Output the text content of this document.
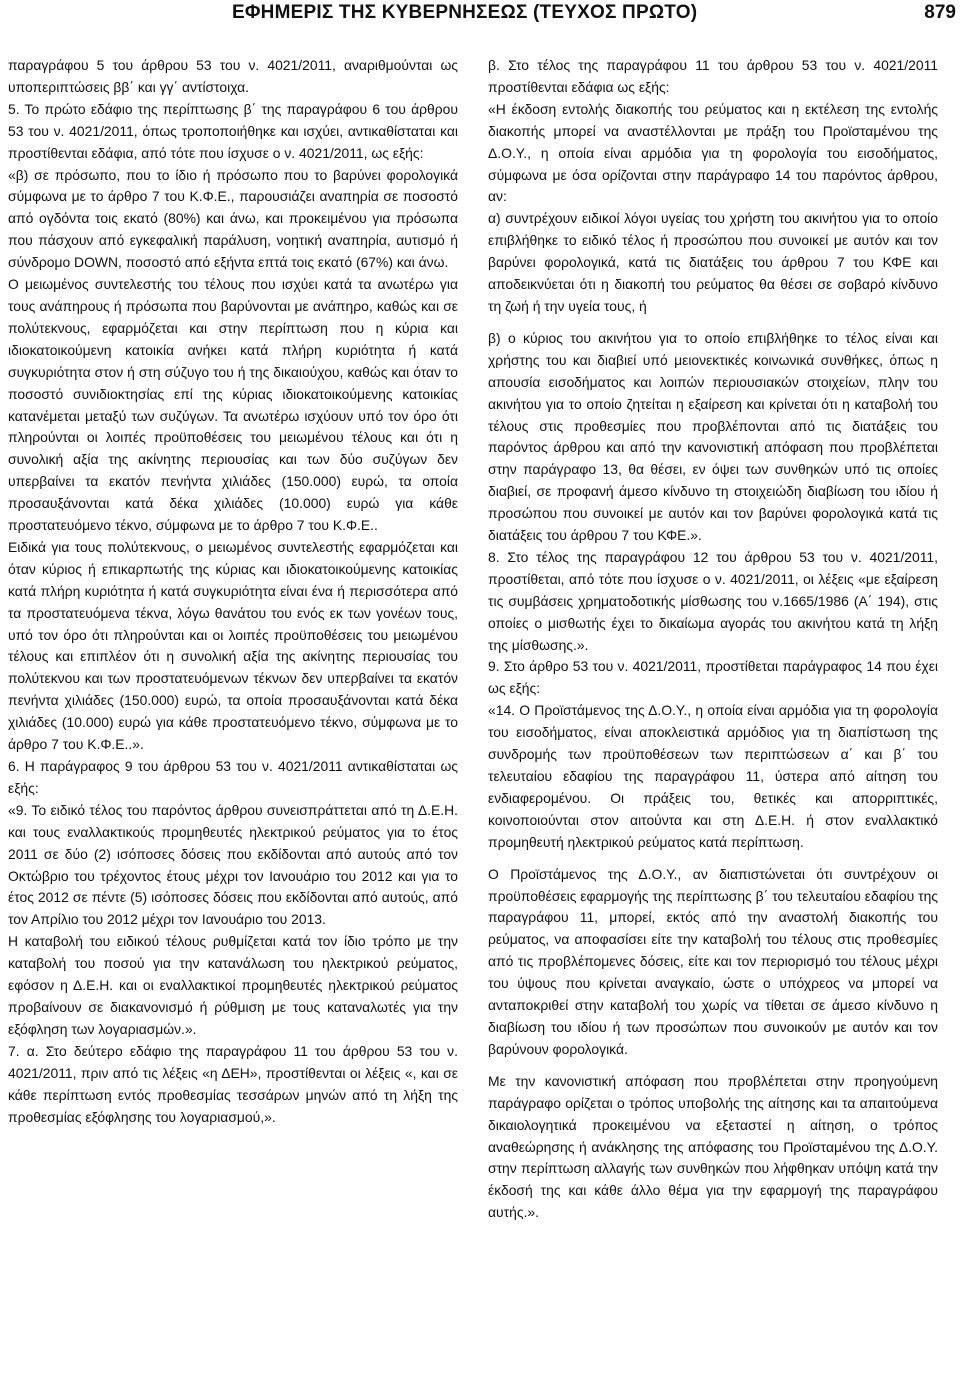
ΕΦΗΜΕΡΙΣ ΤΗΣ ΚΥΒΕΡΝΗΣΕΩΣ (ΤΕΥΧΟΣ ΠΡΩΤΟ)	879

παραγράφου 5 του άρθρου 53 του ν. 4021/2011, αναριθμούνται ως υποπεριπτώσεις ββ΄ και γγ΄ αντίστοιχα.

5. Το πρώτο εδάφιο της περίπτωσης β΄ της παραγράφου 6 του άρθρου 53 του ν. 4021/2011, όπως τροποποιήθηκε και ισχύει, αντικαθίσταται και προστίθενται εδάφια, από τότε που ίσχυσε ο ν. 4021/2011, ως εξής:

«β) σε πρόσωπο, που το ίδιο ή πρόσωπο που το βαρύνει φορολογικά σύμφωνα με το άρθρο 7 του Κ.Φ.Ε., παρουσιάζει αναπηρία σε ποσοστό από ογδόντα τοις εκατό (80%) και άνω, και προκειμένου για πρόσωπα που πάσχουν από εγκεφαλική παράλυση, νοητική αναπηρία, αυτισμό ή σύνδρομο DOWN, ποσοστό από εξήντα επτά τοις εκατό (67%) και άνω.

Ο μειωμένος συντελεστής του τέλους που ισχύει κατά τα ανωτέρω για τους ανάπηρους ή πρόσωπα που βαρύνονται με ανάπηρο, καθώς και σε πολύτεκνους, εφαρμόζεται και στην περίπτωση που η κύρια και ιδιοκατοικούμενη κατοικία ανήκει κατά πλήρη κυριότητα ή κατά συγκυριότητα στον ή στη σύζυγο του ή της δικαιούχου, καθώς και όταν το ποσοστό συνιδιοκτησίας επί της κύριας ιδιοκατοικούμενης κατοικίας κατανέμεται μεταξύ των συζύγων. Τα ανωτέρω ισχύουν υπό τον όρο ότι πληρούνται οι λοιπές προϋποθέσεις του μειωμένου τέλους και ότι η συνολική αξία της ακίνητης περιουσίας και των δύο συζύγων δεν υπερβαίνει τα εκατόν πενήντα χιλιάδες (150.000) ευρώ, τα οποία προσαυξάνονται κατά δέκα χιλιάδες (10.000) ευρώ για κάθε προστατευόμενο τέκνο, σύμφωνα με το άρθρο 7 του Κ.Φ.Ε..

Ειδικά για τους πολύτεκνους, ο μειωμένος συντελεστής εφαρμόζεται και όταν κύριος ή επικαρπωτής της κύριας και ιδιοκατοικούμενης κατοικίας κατά πλήρη κυριότητα ή κατά συγκυριότητα είναι ένα ή περισσότερα από τα προστατευόμενα τέκνα, λόγω θανάτου του ενός εκ των γονέων τους, υπό τον όρο ότι πληρούνται και οι λοιπές προϋποθέσεις του μειωμένου τέλους και επιπλέον ότι η συνολική αξία της ακίνητης περιουσίας του πολύτεκνου και των προστατευόμενων τέκνων δεν υπερβαίνει τα εκατόν πενήντα χιλιάδες (150.000) ευρώ, τα οποία προσαυξάνονται κατά δέκα χιλιάδες (10.000) ευρώ για κάθε προστατευόμενο τέκνο, σύμφωνα με το άρθρο 7 του Κ.Φ.Ε..».

6. Η παράγραφος 9 του άρθρου 53 του ν. 4021/2011 αντικαθίσταται ως εξής:

«9. Το ειδικό τέλος του παρόντος άρθρου συνεισπράττεται από τη Δ.Ε.Η. και τους εναλλακτικούς προμηθευτές ηλεκτρικού ρεύματος για το έτος 2011 σε δύο (2) ισόποσες δόσεις που εκδίδονται από αυτούς από τον Οκτώβριο του τρέχοντος έτους μέχρι τον Ιανουάριο του 2012 και για το έτος 2012 σε πέντε (5) ισόποσες δόσεις που εκδίδονται από αυτούς, από τον Απρίλιο του 2012 μέχρι τον Ιανουάριο του 2013.

Η καταβολή του ειδικού τέλους ρυθμίζεται κατά τον ίδιο τρόπο με την καταβολή του ποσού για την κατανάλωση του ηλεκτρικού ρεύματος, εφόσον η Δ.Ε.Η. και οι εναλλακτικοί προμηθευτές ηλεκτρικού ρεύματος προβαίνουν σε διακανονισμό ή ρύθμιση με τους καταναλωτές για την εξόφληση των λογαριασμών.».

7. α. Στο δεύτερο εδάφιο της παραγράφου 11 του άρθρου 53 του ν. 4021/2011, πριν από τις λέξεις «η ΔΕΗ», προστίθενται οι λέξεις «, και σε κάθε περίπτωση εντός προθεσμίας τεσσάρων μηνών από τη λήξη της προθεσμίας εξόφλησης του λογαριασμού,».

β. Στο τέλος της παραγράφου 11 του άρθρου 53 του ν. 4021/2011 προστίθενται εδάφια ως εξής:

«Η έκδοση εντολής διακοπής του ρεύματος και η εκτέλεση της εντολής διακοπής μπορεί να αναστέλλονται με πράξη του Προϊσταμένου της Δ.Ο.Υ., η οποία είναι αρμόδια για τη φορολογία του εισοδήματος, σύμφωνα με όσα ορίζονται στην παράγραφο 14 του παρόντος άρθρου, αν:

α) συντρέχουν ειδικοί λόγοι υγείας του χρήστη του ακινήτου για το οποίο επιβλήθηκε το ειδικό τέλος ή προσώπου που συνοικεί με αυτόν και τον βαρύνει φορολογικά, κατά τις διατάξεις του άρθρου 7 του ΚΦΕ και αποδεικνύεται ότι η διακοπή του ρεύματος θα θέσει σε σοβαρό κίνδυνο τη ζωή ή την υγεία τους, ή

β) ο κύριος του ακινήτου για το οποίο επιβλήθηκε το τέλος είναι και χρήστης του και διαβιεί υπό μειονεκτικές κοινωνικά συνθήκες, όπως η απουσία εισοδήματος και λοιπών περιουσιακών στοιχείων, πλην του ακινήτου για το οποίο ζητείται η εξαίρεση και κρίνεται ότι η καταβολή του τέλους στις προθεσμίες που προβλέπονται από τις διατάξεις του παρόντος άρθρου και από την κανονιστική απόφαση που προβλέπεται στην παράγραφο 13, θα θέσει, εν όψει των συνθηκών υπό τις οποίες διαβιεί, σε προφανή άμεσο κίνδυνο τη στοιχειώδη διαβίωση του ιδίου ή προσώπου που συνοικεί με αυτόν και τον βαρύνει φορολογικά κατά τις διατάξεις του άρθρου 7 του ΚΦΕ.».

8. Στο τέλος της παραγράφου 12 του άρθρου 53 του ν. 4021/2011, προστίθεται, από τότε που ίσχυσε ο ν. 4021/2011, οι λέξεις «με εξαίρεση τις συμβάσεις χρηματοδοτικής μίσθωσης του ν.1665/1986 (Α΄ 194), στις οποίες ο μισθωτής έχει το δικαίωμα αγοράς του ακινήτου κατά τη λήξη της μίσθωσης.».

9. Στο άρθρο 53 του ν. 4021/2011, προστίθεται παράγραφος 14 που έχει ως εξής:

«14. Ο Προϊστάμενος της Δ.Ο.Υ., η οποία είναι αρμόδια για τη φορολογία του εισοδήματος, είναι αποκλειστικά αρμόδιος για τη διαπίστωση της συνδρομής των προϋποθέσεων των περιπτώσεων α΄ και β΄ του τελευταίου εδαφίου της παραγράφου 11, ύστερα από αίτηση του ενδιαφερομένου. Οι πράξεις του, θετικές και απορριπτικές, κοινοποιούνται στον αιτούντα και στη Δ.Ε.Η. ή στον εναλλακτικό προμηθευτή ηλεκτρικού ρεύματος κατά περίπτωση.

Ο Προϊστάμενος της Δ.Ο.Υ., αν διαπιστώνεται ότι συντρέχουν οι προϋποθέσεις εφαρμογής της περίπτωσης β΄ του τελευταίου εδαφίου της παραγράφου 11, μπορεί, εκτός από την αναστολή διακοπής του ρεύματος, να αποφασίσει είτε την καταβολή του τέλους στις προθεσμίες από τις προβλέπομενες δόσεις, είτε και τον περιορισμό του τέλους μέχρι του ύψους που κρίνεται αναγκαίο, ώστε ο υπόχρεος να μπορεί να ανταποκριθεί στην καταβολή του χωρίς να τίθεται σε άμεσο κίνδυνο η διαβίωση του ιδίου ή των προσώπων που συνοικούν με αυτόν και τον βαρύνουν φορολογικά.

Με την κανονιστική απόφαση που προβλέπεται στην προηγούμενη παράγραφο ορίζεται ο τρόπος υποβολής της αίτησης και τα απαιτούμενα δικαιολογητικά προκειμένου να εξεταστεί η αίτηση, ο τρόπος αναθεώρησης ή ανάκλησης της απόφασης του Προϊσταμένου της Δ.Ο.Υ. στην περίπτωση αλλαγής των συνθηκών που λήφθηκαν υπόψη κατά την έκδοσή της και κάθε άλλο θέμα για την εφαρμογή της παραγράφου αυτής.».
